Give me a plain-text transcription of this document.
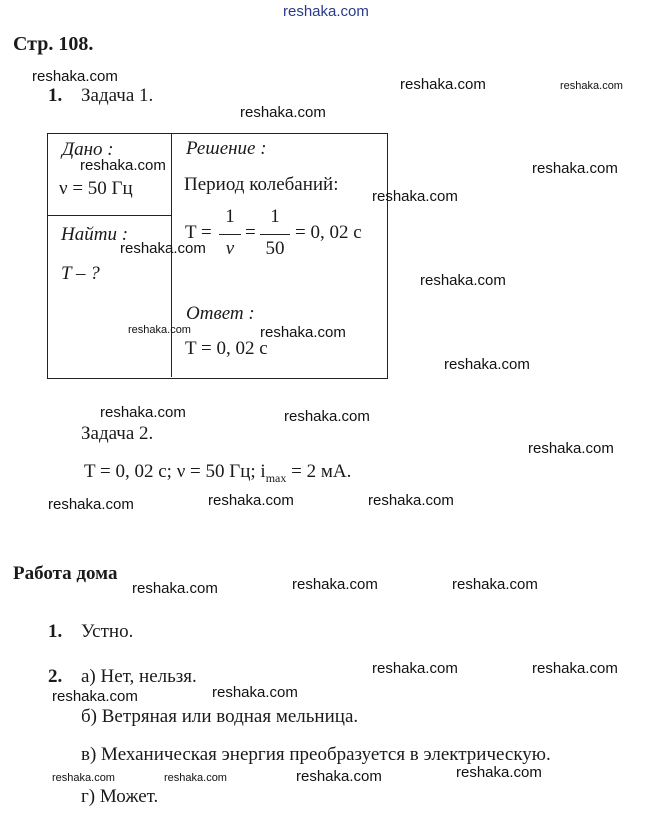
reshaka.com
Стр. 108.
1. Задача 1.
Дано :
ν = 50 Гц
Найти :
T – ?
Решение :
Период колебаний:
T =
1
ν
=
1
50
= 0, 02 с
Ответ :
T = 0, 02 с
Задача 2.
T = 0, 02 с; ν = 50 Гц; $i_{max} = 2$ мА.
Работа дома
1. Устно.
2. а) Нет, нельзя.
б) Ветряная или водная мельница.
в) Механическая энергия преобразуется в электрическую.
г) Может.
reshaka.com	reshaka.com	reshaka.com
reshaka.com
reshaka.com	reshaka.com
reshaka.com
reshaka.com
reshaka.com
reshaka.com	reshaka.com
reshaka.com
reshaka.com	reshaka.com
reshaka.com
reshaka.com	reshaka.com	reshaka.com
reshaka.com	reshaka.com	reshaka.com
reshaka.com	reshaka.com
reshaka.com	reshaka.com
reshaka.com	reshaka.com	reshaka.com	reshaka.com
